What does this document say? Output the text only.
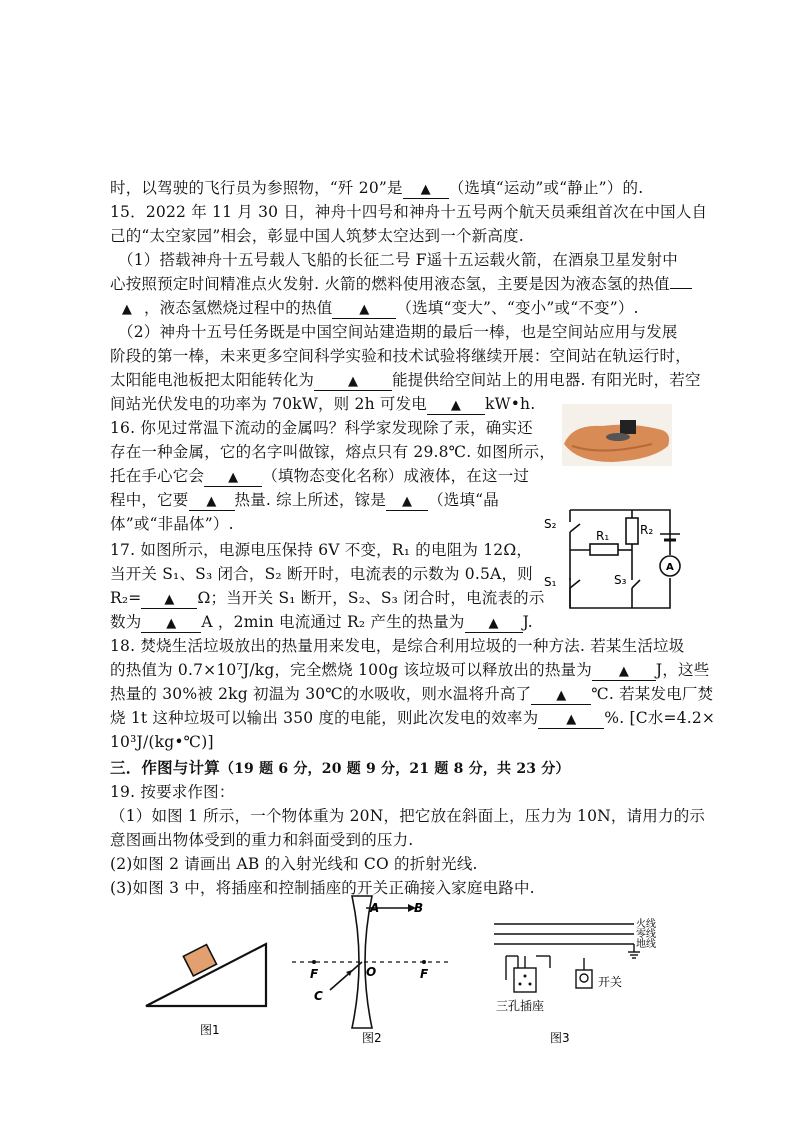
时，以驾驶的飞行员为参照物，“歼 20”是 ▲ （选填“运动”或“静止”）的.
15．2022 年 11 月 30 日，神舟十四号和神舟十五号两个航天员乘组首次在中国人自
己的“太空家园”相会，彰显中国人筑梦太空达到一个新高度.
（1）搭载神舟十五号载人飞船的长征二号 F遥十五运载火箭，在酒泉卫星发射中
心按照预定时间精准点火发射. 火箭的燃料使用液态氢，主要是因为液态氢的热值
▲ ，液态氢燃烧过程中的热值 ▲ （选填“变大”、“变小”或“不变”）.
（2）神舟十五号任务既是中国空间站建造期的最后一棒，也是空间站应用与发展
阶段的第一棒，未来更多空间科学实验和技术试验将继续开展：空间站在轨运行时，
太阳能电池板把太阳能转化为	▲ 能提供给空间站上的用电器. 有阳光时，若空
间站光伏发电的功率为 70kW，则 2h 可发电 ▲ kW•h.
16. 你见过常温下流动的金属吗？科学家发现除了汞，确实还
存在一种金属，它的名字叫做镓，熔点只有 29.8℃. 如图所示，
托在手心它会 ▲ （填物态变化名称）成液体，在这一过
程中，它要 ▲ 热量. 综上所述，镓是 ▲ （选填“晶
体”或“非晶体”）.
17. 如图所示，电源电压保持 6V 不变，R₁ 的电阻为 12Ω，
当开关 S₁、S₃ 闭合，S₂ 断开时，电流表的示数为 0.5A，则
R₂= ▲ Ω；当开关 S₁ 断开，S₂、S₃ 闭合时，电流表的示
数为 ▲ A ，2min 电流通过 R₂ 产生的热量为 ▲ J.
18. 焚烧生活垃圾放出的热量用来发电，是综合利用垃圾的一种方法. 若某生活垃圾
的热值为 0.7×10⁷J/kg，完全燃烧 100g 该垃圾可以释放出的热量为 ▲ J，这些
热量的 30%被 2kg 初温为 30℃的水吸收，则水温将升高了 ▲ ℃. 若某发电厂焚
烧 1t 这种垃圾可以输出 350 度的电能，则此次发电的效率为 ▲ %. [C水=4.2×
10³J/(kg•℃)]
三．作图与计算（19 题 6 分，20 题 9 分，21 题 8 分，共 23 分）
19. 按要求作图：
（1）如图 1 所示，一个物体重为 20N，把它放在斜面上，压力为 10N，请用力的示
意图画出物体受到的重力和斜面受到的压力.
(2)如图 2 请画出 AB 的入射光线和 CO 的折射光线.
(3)如图 3 中，将插座和控制插座的开关正确接入家庭电路中.
S₂
S₁	S₃
R₁	R₂
A
图1
A	B
F	O	F
C
图2
火线
零线
地线
三孔插座
开关
图3
